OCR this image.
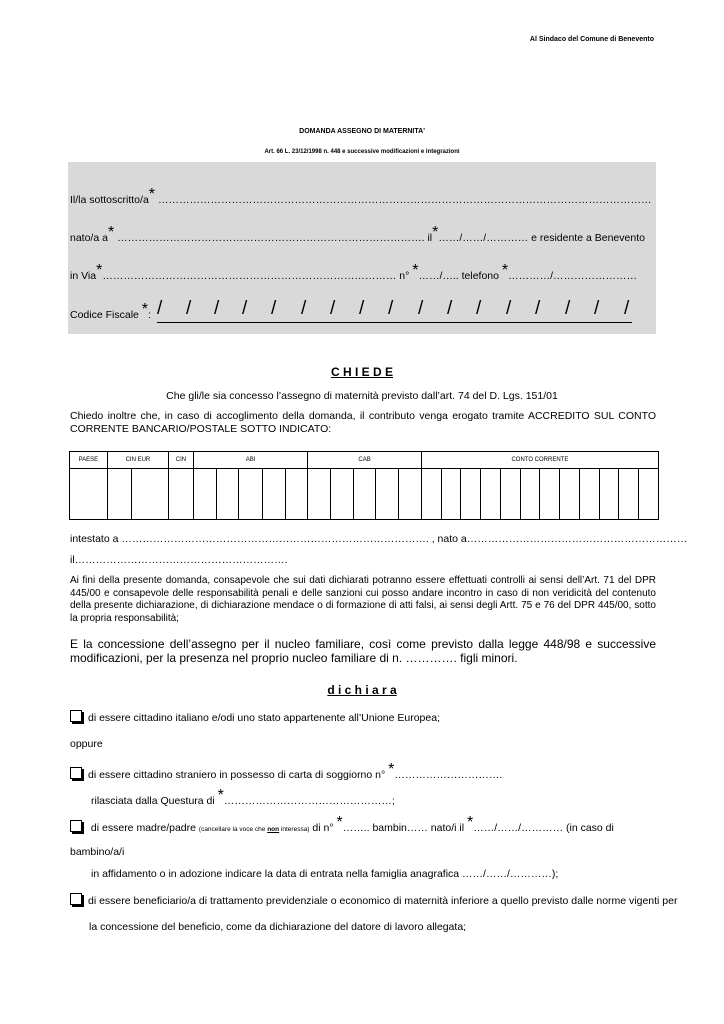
Al Sindaco del Comune di Benevento
DOMANDA ASSEGNO DI MATERNITA'
Art. 66 L. 23/12/1998 n. 448 e successive modificazioni e integrazioni
Il/la sottoscritto/a* ……………………………………………………………………………………………………………………………
nato/a a* ……………………………………………………………………………. il*……/……/………… e residente a Benevento
in Via*………………………………………………………………………… n° *……/….. telefono *…………/……………………
Codice Fiscale *: / / / / / / / / / / / / / / / / /
C H I E D E
Che gli/le sia concesso l’assegno di maternità previsto dall’art. 74 del D. Lgs. 151/01
Chiedo inoltre che, in caso di accoglimento della domanda, il contributo venga erogato tramite ACCREDITO SUL CONTO CORRENTE BANCARIO/POSTALE SOTTO INDICATO:
PAESE	CIN EUR		CIN	ABI					CAB					CONTO CORRENTE											

intestato a ……………………………………………………………………………. , nato a………………………………………………………
il…………………………………………………….
Ai fini della presente domanda, consapevole che sui dati dichiarati potranno essere effettuati controlli ai sensi dell’Art. 71 del DPR 445/00 e consapevole delle responsabilità penali e delle sanzioni cui posso andare incontro in caso di non veridicità del contenuto della presente dichiarazione, di dichiarazione mendace o di formazione di atti falsi, ai sensi degli Artt. 75 e 76 del DPR 445/00, sotto la propria responsabilità;
E la concessione dell’assegno per il nucleo familiare, così come previsto dalla legge 448/98 e successive modificazioni, per la presenza nel proprio nucleo familiare di n. …………. figli minori.
d i c h i a r a
di essere cittadino italiano e/odi uno stato appartenente all’Unione Europea;
oppure
di essere cittadino straniero in possesso di carta di soggiorno n° *………………………….
rilasciata dalla Questura di *…………………………………………;
di essere madre/padre (cancellare la voce che non interessa) di n° *…….. bambin…… nato/i il *……/……/………… (in caso di
bambino/a/i
in affidamento o in adozione indicare la data di entrata nella famiglia anagrafica ……/……/…………);
di essere beneficiario/a di trattamento previdenziale o economico di maternità inferiore a quello previsto dalle norme vigenti per
la concessione del beneficio, come da dichiarazione del datore di lavoro allegata;
